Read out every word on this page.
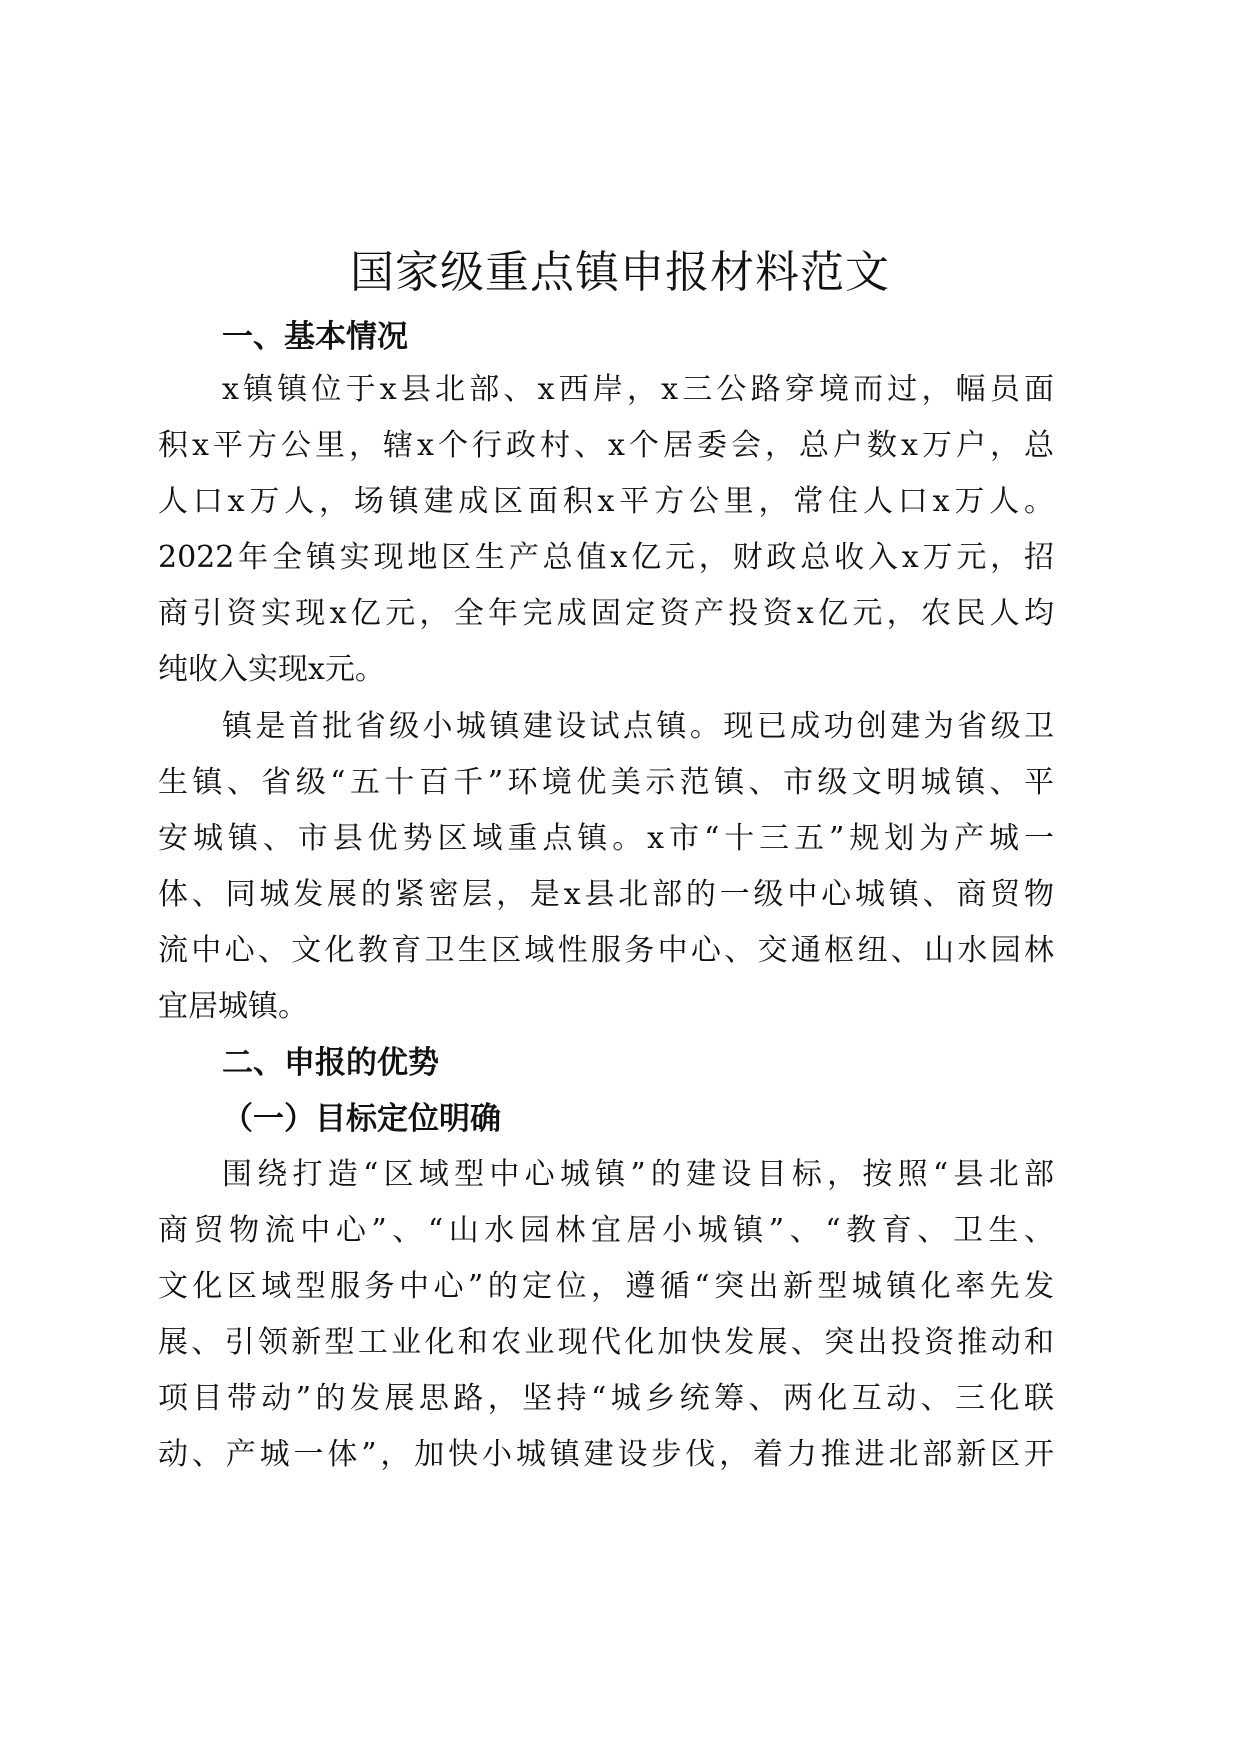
国家级重点镇申报材料范文
一、基本情况

x镇镇位于x县北部、x西岸，x三公路穿境而过，幅员面

积x平方公里，辖x个行政村、x个居委会，总户数x万户，总

人口x万人，场镇建成区面积x平方公里，常住人口x万人。

2022年全镇实现地区生产总值x亿元，财政总收入x万元，招

商引资实现x亿元，全年完成固定资产投资x亿元，农民人均

纯收入实现x元。

镇是首批省级小城镇建设试点镇。现已成功创建为省级卫

生镇、省级“五十百千”环境优美示范镇、市级文明城镇、平

安城镇、市县优势区域重点镇。x市“十三五”规划为产城一

体、同城发展的紧密层，是x县北部的一级中心城镇、商贸物

流中心、文化教育卫生区域性服务中心、交通枢纽、山水园林

宜居城镇。

二、申报的优势
（一）目标定位明确

围绕打造“区域型中心城镇”的建设目标，按照“县北部

商贸物流中心”、“山水园林宜居小城镇”、“教育、卫生、

文化区域型服务中心”的定位，遵循“突出新型城镇化率先发

展、引领新型工业化和农业现代化加快发展、突出投资推动和

项目带动”的发展思路，坚持“城乡统筹、两化互动、三化联

动、产城一体”，加快小城镇建设步伐，着力推进北部新区开
